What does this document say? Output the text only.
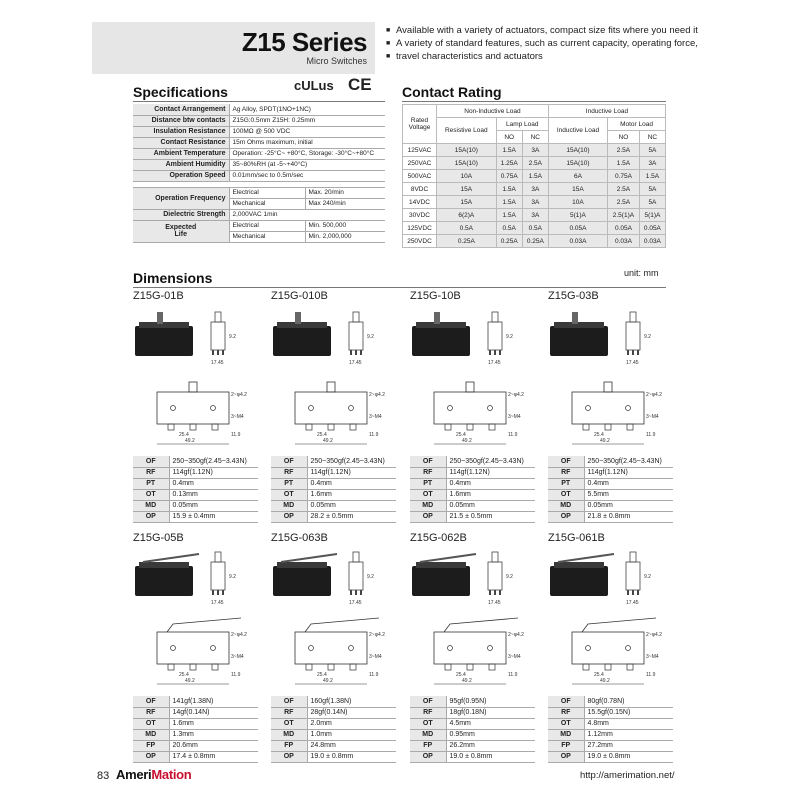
Z15 Series
Micro Switches
■ Available with a variety of actuators, compact size fits where you need it
■ A variety of standard features, such as current capacity, operating force,
■ travel characteristics and actuators
Specifications	cULus CE Contact Rating
Contact Arrangement	Ag Alloy, SPDT(1NO+1NC)	
Distance btw contacts	Z15G:0.5mm Z15H: 0.25mm	
Insulation Resistance	100MΩ @ 500 VDC	
Contact Resistance	15m Ohms maximum, initial	
Ambient Temperature	Operation: -25°C~ +80°C, Storage: -30°C~+80°C	
Ambient Humidity	35~80%RH (at -5~+40°C)	
Operation Speed	0.01mm/sec to 0.5m/sec	

Operation Frequency	Electrical	Max. 20/min
	Mechanical	Max 240/min
Dielectric Strength	2,000VAC 1min	

Expected
Life	Electrical	Min. 500,000
	Mechanical	Min. 2,000,000
Rated Voltage	Non-Inductive Load			Inductive Load		
	Resistive Load	Lamp Load		Inductive Load	Motor Load	
		NO	NC		NO	NC
125VAC	15A(10)	1.5A	3A	15A(10)	2.5A	5A
250VAC	15A(10)	1.25A	2.5A	15A(10)	1.5A	3A
500VAC	10A	0.75A	1.5A	6A	0.75A	1.5A
8VDC	15A	1.5A	3A	15A	2.5A	5A
14VDC	15A	1.5A	3A	10A	2.5A	5A
30VDC	6(2)A	1.5A	3A	5(1)A	2.5(1)A	5(1)A
125VDC	0.5A	0.5A	0.5A	0.05A	0.05A	0.05A
250VDC	0.25A	0.25A	0.25A	0.03A	0.03A	0.03A
Dimensions	unit: mm
Z15G-01B
9.2
17.45
49.2
25.4	11.9
2~φ4.2
3~M4
OF	250~350gf(2.45~3.43N)
RF	114gf(1.12N)
PT	0.4mm
OT	0.13mm
MD	0.05mm
OP	15.9 ± 0.4mm
Z15G-010B
9.2
17.45
49.2
25.4	11.9
2~φ4.2
3~M4
OF	250~350gf(2.45~3.43N)
RF	114gf(1.12N)
PT	0.4mm
OT	1.6mm
MD	0.05mm
OP	28.2 ± 0.5mm
Z15G-10B
9.2
17.45
49.2
25.4	11.9
2~φ4.2
3~M4
OF	250~350gf(2.45~3.43N)
RF	114gf(1.12N)
PT	0.4mm
OT	1.6mm
MD	0.05mm
OP	21.5 ± 0.5mm
Z15G-03B
9.2
17.45
49.2
25.4	11.9
2~φ4.2
3~M4
OF	250~350gf(2.45~3.43N)
RF	114gf(1.12N)
PT	0.4mm
OT	5.5mm
MD	0.05mm
OP	21.8 ± 0.8mm
Z15G-05B
9.2
17.45
49.2
25.4	11.9
2~φ4.2
3~M4
OF	141gf(1.38N)
RF	14gf(0.14N)
OT	1.6mm
MD	1.3mm
FP	20.6mm
OP	17.4 ± 0.8mm
Z15G-063B
9.2
17.45
49.2
25.4	11.9
2~φ4.2
3~M4
OF	160gf(1.38N)
RF	28gf(0.14N)
OT	2.0mm
MD	1.0mm
FP	24.8mm
OP	19.0 ± 0.8mm
Z15G-062B
9.2
17.45
49.2
25.4	11.9
2~φ4.2
3~M4
OF	95gf(0.95N)
RF	18gf(0.18N)
OT	4.5mm
MD	0.95mm
FP	26.2mm
OP	19.0 ± 0.8mm
Z15G-061B
9.2
17.45
49.2
25.4	11.9
2~φ4.2
3~M4
OF	80gf(0.78N)
RF	15.5gf(0.15N)
OT	4.8mm
MD	1.12mm
FP	27.2mm
OP	19.0 ± 0.8mm
83 AmeriMation	http://amerimation.net/
